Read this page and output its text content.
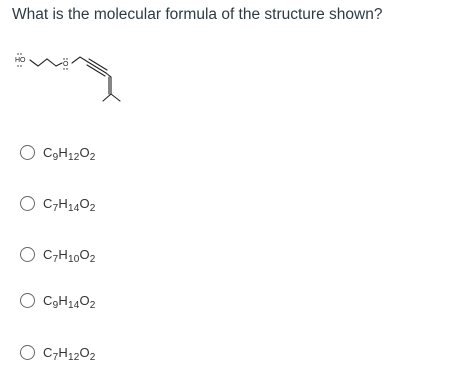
What is the molecular formula of the structure shown?
HO
O
$C_9H_{12}O_2$
$C_7H_{14}O_2$
$C_7H_{10}O_2$
$C_9H_{14}O_2$
$C_7H_{12}O_2$
